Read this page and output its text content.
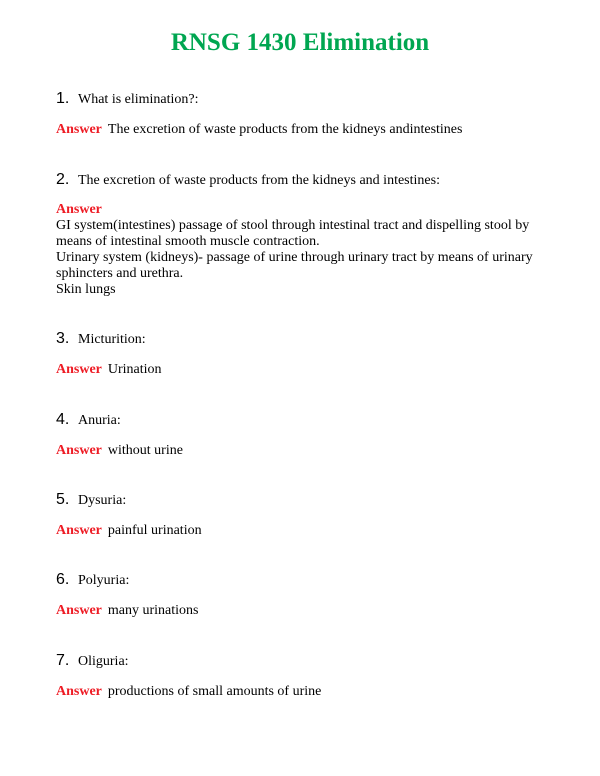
RNSG 1430 Elimination
1. What is elimination?:
Answer The excretion of waste products from the kidneys andintestines
2. The excretion of waste products from the kidneys and intestines:
Answer
GI system(intestines) passage of stool through intestinal tract and dispelling stool by
means of intestinal smooth muscle contraction.
Urinary system (kidneys)- passage of urine through urinary tract by means of urinary
sphincters and urethra.
Skin lungs
3. Micturition:
Answer Urination
4. Anuria:
Answer without urine
5. Dysuria:
Answer painful urination
6. Polyuria:
Answer many urinations
7. Oliguria:
Answer productions of small amounts of urine
